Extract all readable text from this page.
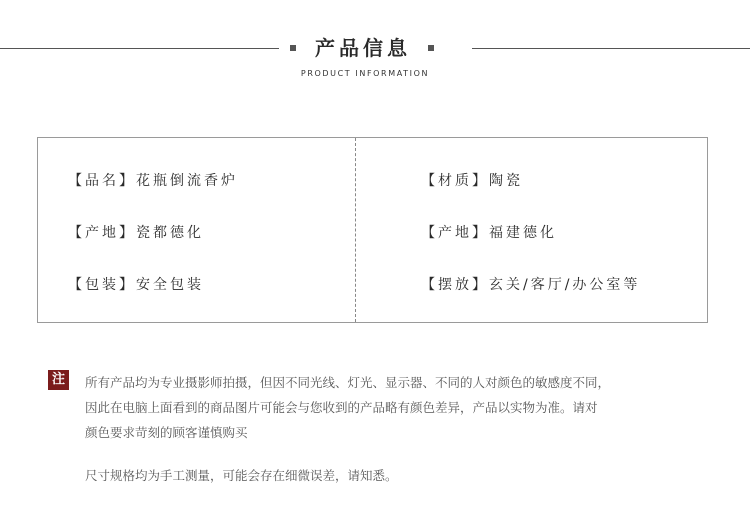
产品信息
PRODUCT INFORMATION
【品名】花瓶倒流香炉
【产地】瓷都德化
【包装】安全包装
【材质】陶瓷
【产地】福建德化
【摆放】玄关/客厅/办公室等
注	所有产品均为专业摄影师拍摄，但因不同光线、灯光、显示器、不同的人对颜色的敏感度不同，
因此在电脑上面看到的商品图片可能会与您收到的产品略有颜色差异，产品以实物为准。请对
颜色要求苛刻的顾客谨慎购买
尺寸规格均为手工测量，可能会存在细微误差，请知悉。
